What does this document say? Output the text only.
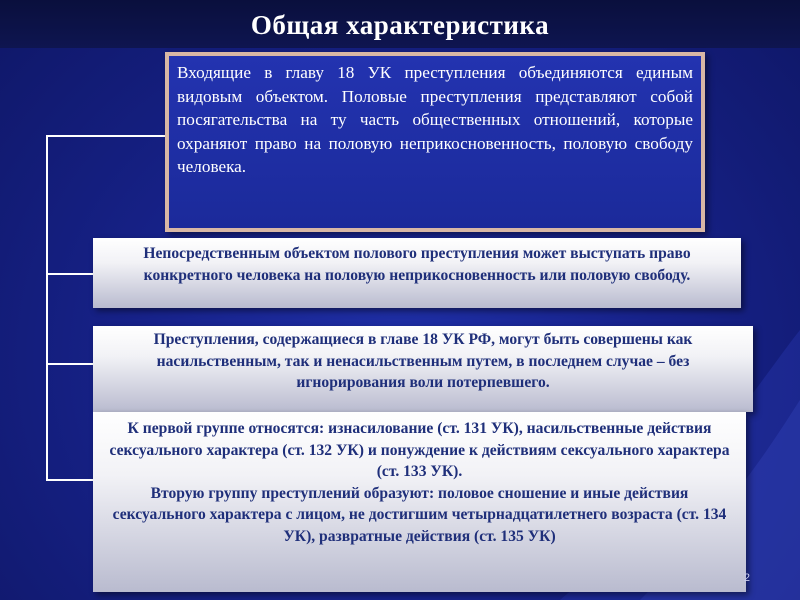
Общая характеристика
Входящие в главу 18 УК преступления объединяются единым видовым объектом. Половые преступления представляют собой посягательства на ту часть общественных отношений, которые охраняют право на половую неприкосновенность, половую свободу человека.
Непосредственным объектом полового преступления может выступать право конкретного человека на половую неприкосновенность или половую свободу.
Преступления, содержащиеся в главе 18 УК РФ, могут быть совершены как насильственным, так и ненасильственным путем, в последнем случае – без игнорирования воли потерпевшего.

К первой группе относятся: изнасилование (ст. 131 УК), насильственные действия сексуального характера (ст. 132 УК) и понуждение к действиям сексуального характера (ст. 133 УК).

Вторую группу преступлений образуют: половое сношение и иные действия сексуального характера с лицом, не достигшим четырнадцатилетнего возраста (ст. 134 УК), развратные действия (ст. 135 УК)

2
